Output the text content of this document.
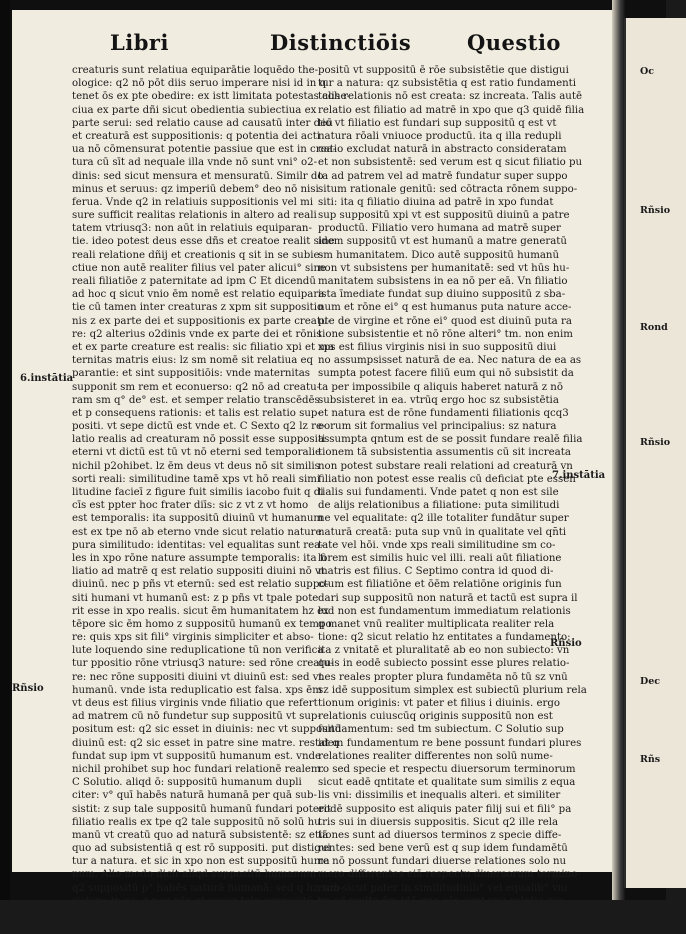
Libri	Distinctiōis	Questio

creaturis sunt relatiua equiparātie loquēdo the-

ologice: q2 nō pōt diis seruo imperare nisi id in q

tenet ōs ex pte obedire: ex istt limitata potestas cohe-

ciua ex parte dñi sicut obedientia subiectiua ex

parte serui: sed relatio cause ad causatū inter deū

et creaturā est suppositionis: q potentia dei acti

ua nō cōmensurat potentie passiue que est in crea-

tura cū sīt ad nequale illa vnde nō sunt vni° o2-

dinis: sed sicut mensura et mensuratū. Similr do

minus et seruus: qz imperiū debem° deo nō nisi

ferua. Vnde q2 in relatiuis suppositionis vel mi

sure sufficit realitas relationis in altero ad reali

tatem vtriusq3: non aūt in relatiuis equiparan-

tie. ideo potest deus esse dñs et creatoe realit sine

reali relatione dñij et creationis q sit in se subie-

ctiue non autē realiter filius vel pater alicui° sine

reali filiatiōe z paternitate ad ipm C Et dicendū

ad hoc q sicut vnio ēm nomē est relatio equipara

tie cū tamen inter creaturas z xpm sit suppositio

nis z ex parte dei et suppositionis ex parte creatu-

re: q2 alterius o2dinis vnde ex parte dei et rōnis

et ex parte creature est realis: sic filiatio xpi et ma

ternitas matris eius: lz sm nomē sit relatiua eq

parantie: et sint suppositiōis: vnde maternitas

supponit sm rem et econuerso: q2 nō ad creatu-

ram sm q° de° est. et semper relatio transcēdēs

et p consequens rationis: et talis est relatio sup-

positi. vt sepe dictū est vnde et. C Sexto q2 lz re-

latio realis ad creaturam nō possit esse suppositi

eterni vt dictū est tū vt nō eterni sed temporalie

nichil p2ohibet. lz ēm deus vt deus nō sit similis

sorti reali: similitudine tamē xps vt hō reali simi

litudine facieī z figure fuit similis iacobo fuit q di

cīs est ppter hoc frater diīs: sic z vt z vt homo

est temporalis: ita suppositū diuinū vt humanum

est ex tpe nō ab eterno vnde sicut relatio nature

pura similitudo: identitas: vel equalitas sunt rea-

les in xpo rōne nature assumpte temporalis: ita fi

liatio ad matrē q est relatio suppositi diuini nō vt

diuinū. nec p pñs vt eternū: sed est relatio suppo-

siti humani vt humanū est: z p pñs vt tpale pote

rit esse in xpo realis. sicut ēm humanitatem hz ex

tēpore sic ēm homo z suppositū humanū ex tempo

re: quis xps sit fili° virginis simpliciter et abso-

lute loquendo sine reduplicatione tū non verifica

tur ppositio rōne vtriusq3 nature: sed rōne creatu-

re: nec rōne suppositi diuini vt diuinū est: sed vt

humanū. vnde ista reduplicatio est falsa. xps ēm

vt deus est filius virginis vnde filiatio que refert

ad matrem cū nō fundetur sup suppositū vt sup-

positum est: q2 sic esset in diuinis: nec vt suppositū

diuinū est: q2 sic esset in patre sine matre. restat q

fundat sup ipm vt suppositū humanum est. vnde

nichil prohibet sup hoc fundari relationē realem.

C Solutio. aliqd ō: suppositū humanum dupli

citer: v° quī habēs naturā humanā per quā sub-

sistit: z sup tale suppositū humanū fundari poterit

filiatio realis ex tpe q2 tale suppositū nō solū hu

manū vt creatū quo ad naturā subsistentē: sz etiā

quo ad subsistentiā q est rō suppositi. put distigui

tur a natura. et sic in xpo non est suppositū huma

num. Alio modo dicit aliqd suppositū humanum

q2 suppositū p° habēs naturā humanā: sed q hz sub-

sistens in ea: z non p°a et super tale suppositū hu-

manū nō pōt fundari illa relatio q fūdat sup sup

positū vt suppositū ē rōe subsistētie que distigui

tur a natura: qz subsistētia q est ratio fundamenti

talis relationis nō est creata: sz increata. Talis autē

relatio est filiatio ad matrē in xpo que q3 quidē filia

tio vt filiatio est fundari sup suppositū q est vt

natura rōali vniuoce productū. ita q illa redupli

catio excludat naturā in abstracto consideratam

et non subsistentē: sed verum est q sicut filiatio pu

ta ad patrem vel ad matrē fundatur super suppo

situm rationale genitū: sed cōtracta rōnem suppo-

siti: ita q filiatio diuina ad patrē in xpo fundat

sup suppositū xpi vt est suppositū diuinū a patre

productū. Filiatio vero humana ad matrē super

idem suppositū vt est humanū a matre generatū

sm humanitatem. Dico autē suppositū humanū

non vt subsistens per humanitatē: sed vt hūs hu-

manitatem subsistens in ea nō per eā. Vn filiatio

ista īmediate fundat sup diuino suppositū z sba-

num et rōne ei° q est humanus puta nature acce-

pte de virgine et rōne ei° quod est diuinū puta ra

tione subsistentie et nō rōne alteri° tm. non enim

xps est filius virginis nisi in suo suppositū diui

no assumpsisset naturā de ea. Nec natura de ea as

sumpta potest facere filiū eum qui nō subsistit da

ta per impossibile q aliquis haberet naturā z nō

subsisteret in ea. vtrūq ergo hoc sz subsistētia

et natura est de rōne fundamenti filiationis qcq3

eorum sit formalius vel principalius: sz natura

assumpta qntum est de se possit fundare realē filia

tionem tā subsistentia assumentis cū sit increata

non potest substare reali relationi ad creaturā vn

filiatio non potest esse realis cū deficiat pte essen

tialis sui fundamenti. Vnde patet q non est sile

de alijs relationibus a filiatione: puta similitudi

ne vel equalitate: q2 ille totaliter fundātur super

naturā creatā: puta sup vnū in qualitate vel qn̄ti

tate vel hōi. vnde xps reali similitudine sm co-

lorem est similis huic vel illi. reali aūt filiatione

matris est filius. C Septimo contra id quod di-

ctum est filiatiōne et ōēm relatiōne originis fun

dari sup suppositū non naturā et tactū est supra il

lud non est fundamentum immediatum relationis

q manet vnū realiter multiplicata realiter rela

tione: q2 sicut relatio hz entitates a fundamento:

ita z vnitatē et pluralitatē ab eo non subiecto: vn

quis in eodē subiecto possint esse plures relatio-

nes reales propter plura fundamēta nō tū sz vnū

sz idē suppositum simplex est subiectū plurium rela

tionum originis: vt pater et filius i diuinis. ergo

relationis cuiuscūq originis suppositū non est

fundamentum: sed tm subiectum. C Solutio sup

idem fundamentum re bene possunt fundari plures

relationes realiter differentes non solū nume-

ro sed specie et respectu diuersorum terminorum

sicut eadē qntitate et qualitate sum similis z equa

lis vni: dissimilis et inequalis alteri. et similiter

eodē supposito est aliquis pater filij sui et fili° pa

tris sui in diuersis suppositis. Sicut q2 ille rela

tiones sunt ad diuersos terminos z specie diffe-

rentes: sed bene verū est q sup idem fundamētū

re nō possunt fundari diuerse relationes solo nu

mero differentes eiā respectu diuersorum termino-

rum sicut pater in similitudinib° vel equalib° vni

us ad multa ēm idē que oēs sunt vna relatio rea

lis ex parte illius in quo habent vnū fundamētū

sicut etiā pater vna paternitate referē ad plures

6.instātia
Rñsio
7.instātia
Rñsio
Oc
Rñsio
Rond
Rñsio
Dec
Rñs
